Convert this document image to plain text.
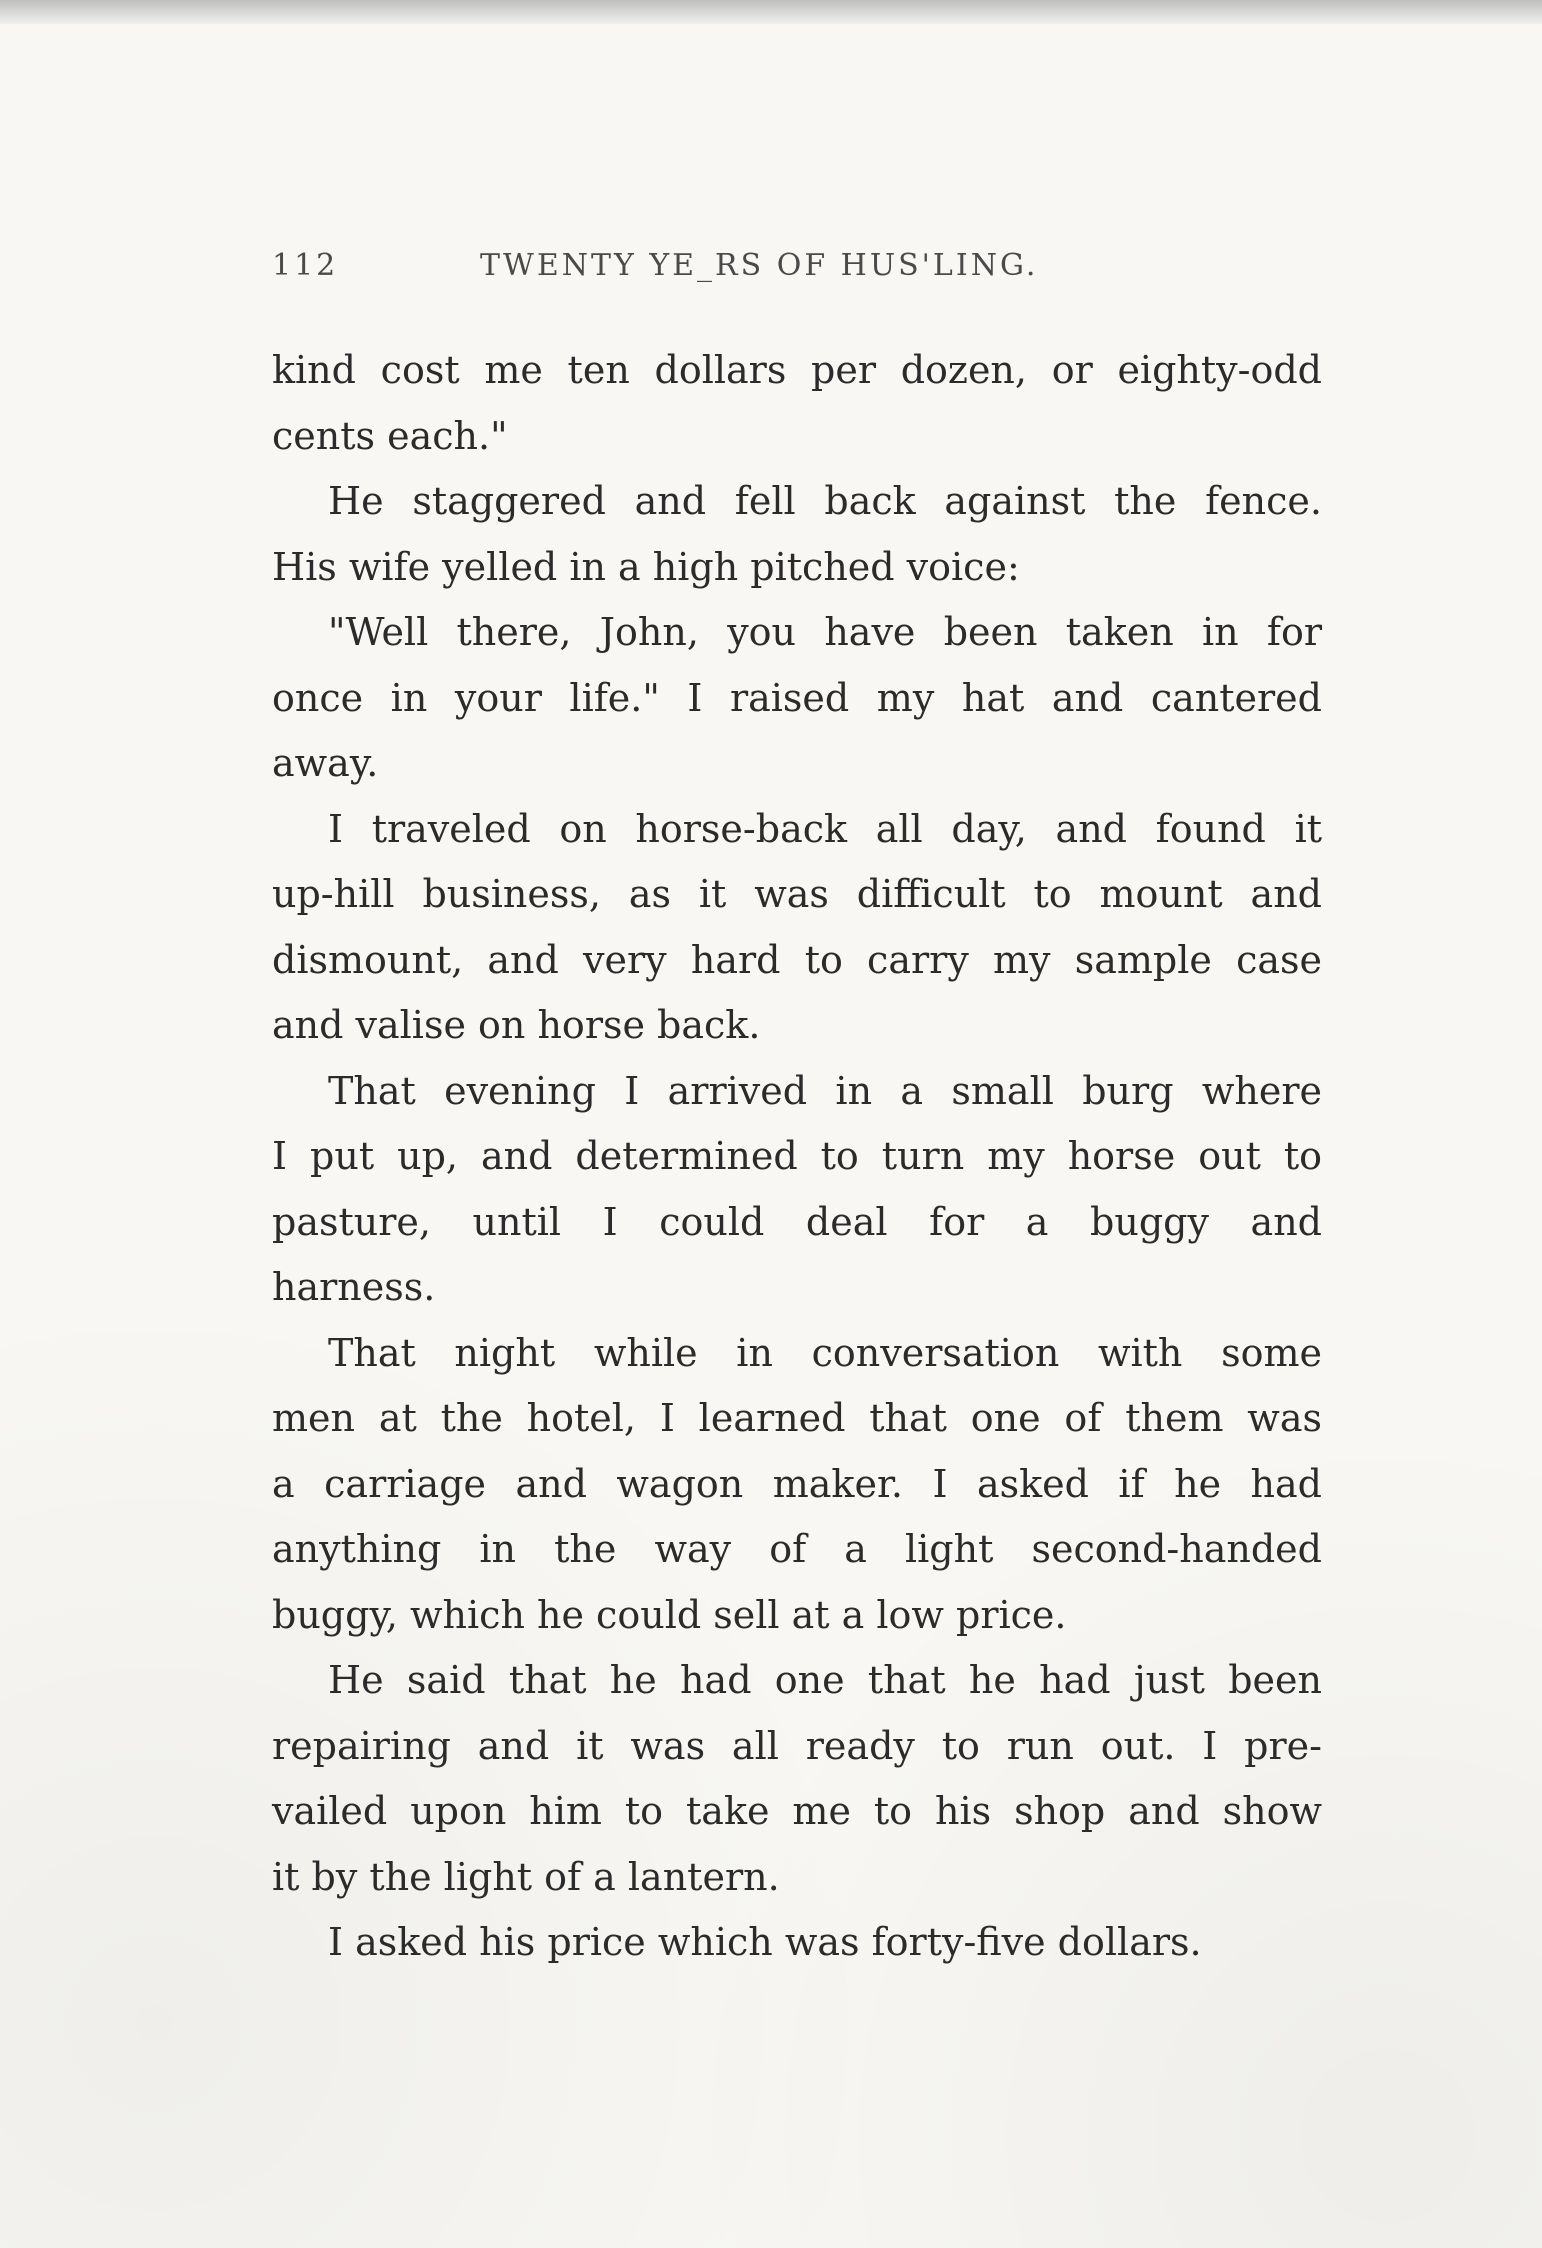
112	TWENTY YE_RS OF HUS'LING.
kind cost me ten dollars per dozen, or eighty-odd
cents each."
He staggered and fell back against the fence.
His wife yelled in a high pitched voice:
"Well there, John, you have been taken in for
once in your life." I raised my hat and cantered
away.
I traveled on horse-back all day, and found it
up-hill business, as it was difficult to mount and
dismount, and very hard to carry my sample case
and valise on horse back.
That evening I arrived in a small burg where
I put up, and determined to turn my horse out to
pasture, until I could deal for a buggy and
harness.
That night while in conversation with some
men at the hotel, I learned that one of them was
a carriage and wagon maker. I asked if he had
anything in the way of a light second-handed
buggy, which he could sell at a low price.
He said that he had one that he had just been
repairing and it was all ready to run out. I pre-
vailed upon him to take me to his shop and show
it by the light of a lantern.
I asked his price which was forty-five dollars.
